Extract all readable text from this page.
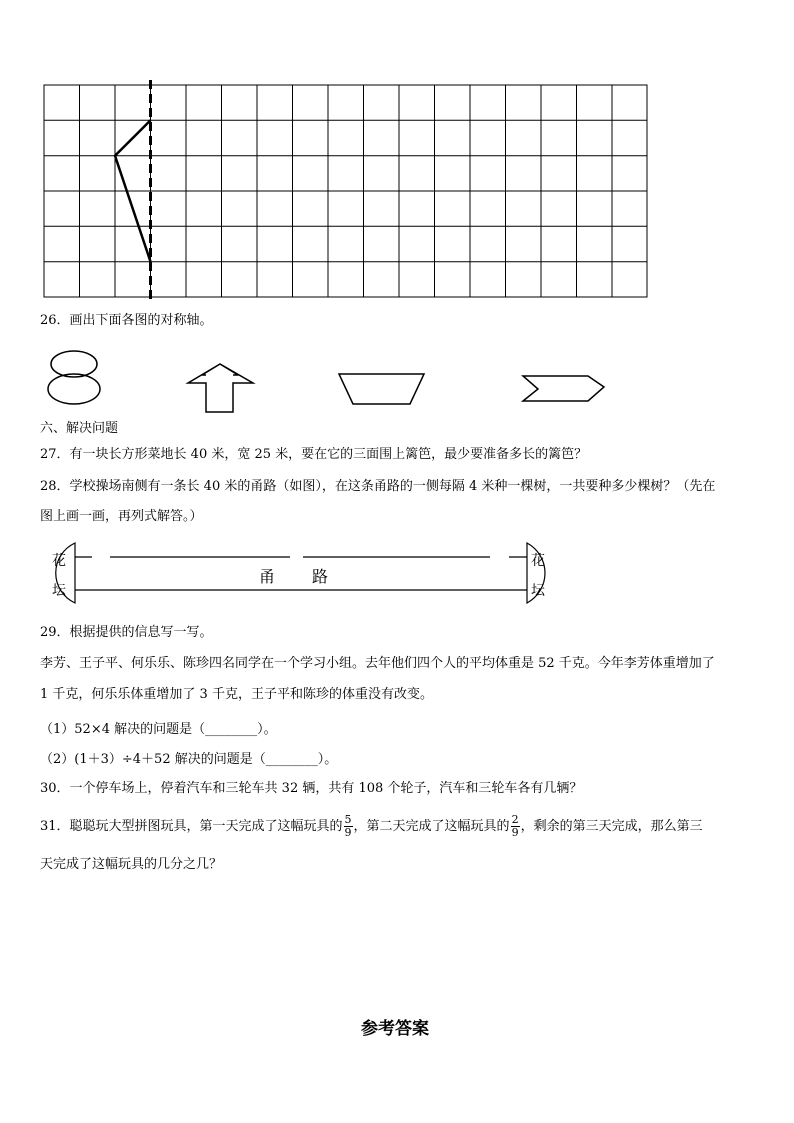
26．画出下面各图的对称轴。
六、解决问题
27．有一块长方形菜地长 40 米，宽 25 米，要在它的三面围上篱笆，最少要准备多长的篱笆？
28．学校操场南侧有一条长 40 米的甬路（如图），在这条甬路的一侧每隔 4 米种一棵树，一共要种多少棵树？（先在
图上画一画，再列式解答。）
花
坛
花
坛
甬 路
29．根据提供的信息写一写。
李芳、王子平、何乐乐、陈珍四名同学在一个学习小组。去年他们四个人的平均体重是 52 千克。今年李芳体重增加了
1 千克，何乐乐体重增加了 3 千克，王子平和陈珍的体重没有改变。
（1）52×4 解决的问题是（________）。
（2）(1＋3）÷4＋52 解决的问题是（________）。
30．一个停车场上，停着汽车和三轮车共 32 辆，共有 108 个轮子，汽车和三轮车各有几辆？
31．聪聪玩大型拼图玩具，第一天完成了这幅玩具的 $\frac{5}{9}$ ，第二天完成了这幅玩具的 $\frac{2}{9}$ ，剩余的第三天完成，那么第三
天完成了这幅玩具的几分之几？
参考答案
